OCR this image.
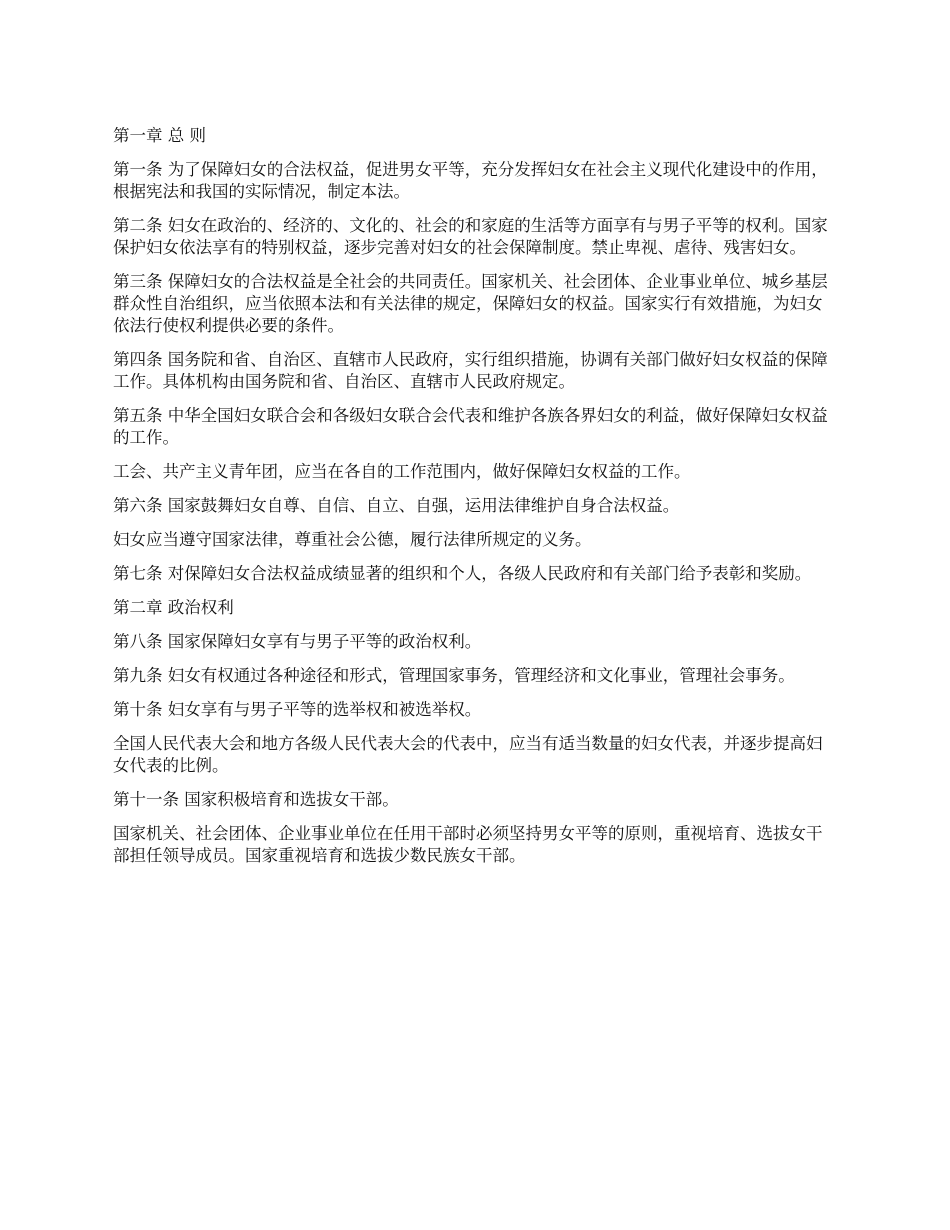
第一章 总 则

第一条 为了保障妇女的合法权益，促进男女平等，充分发挥妇女在社会主义现代化建设中的作用，根据宪法和我国的实际情况，制定本法。

第二条 妇女在政治的、经济的、文化的、社会的和家庭的生活等方面享有与男子平等的权利。国家保护妇女依法享有的特别权益，逐步完善对妇女的社会保障制度。禁止卑视、虐待、残害妇女。

第三条 保障妇女的合法权益是全社会的共同责任。国家机关、社会团体、企业事业单位、城乡基层群众性自治组织，应当依照本法和有关法律的规定，保障妇女的权益。国家实行有效措施，为妇女依法行使权利提供必要的条件。

第四条 国务院和省、自治区、直辖市人民政府，实行组织措施，协调有关部门做好妇女权益的保障工作。具体机构由国务院和省、自治区、直辖市人民政府规定。

第五条 中华全国妇女联合会和各级妇女联合会代表和维护各族各界妇女的利益，做好保障妇女权益的工作。

工会、共产主义青年团，应当在各自的工作范围内，做好保障妇女权益的工作。

第六条 国家鼓舞妇女自尊、自信、自立、自强，运用法律维护自身合法权益。

妇女应当遵守国家法律，尊重社会公德，履行法律所规定的义务。

第七条 对保障妇女合法权益成绩显著的组织和个人，各级人民政府和有关部门给予表彰和奖励。

第二章 政治权利

第八条 国家保障妇女享有与男子平等的政治权利。

第九条 妇女有权通过各种途径和形式，管理国家事务，管理经济和文化事业，管理社会事务。

第十条 妇女享有与男子平等的选举权和被选举权。

全国人民代表大会和地方各级人民代表大会的代表中，应当有适当数量的妇女代表，并逐步提高妇女代表的比例。

第十一条 国家积极培育和选拔女干部。

国家机关、社会团体、企业事业单位在任用干部时必须坚持男女平等的原则，重视培育、选拔女干部担任领导成员。国家重视培育和选拔少数民族女干部。
